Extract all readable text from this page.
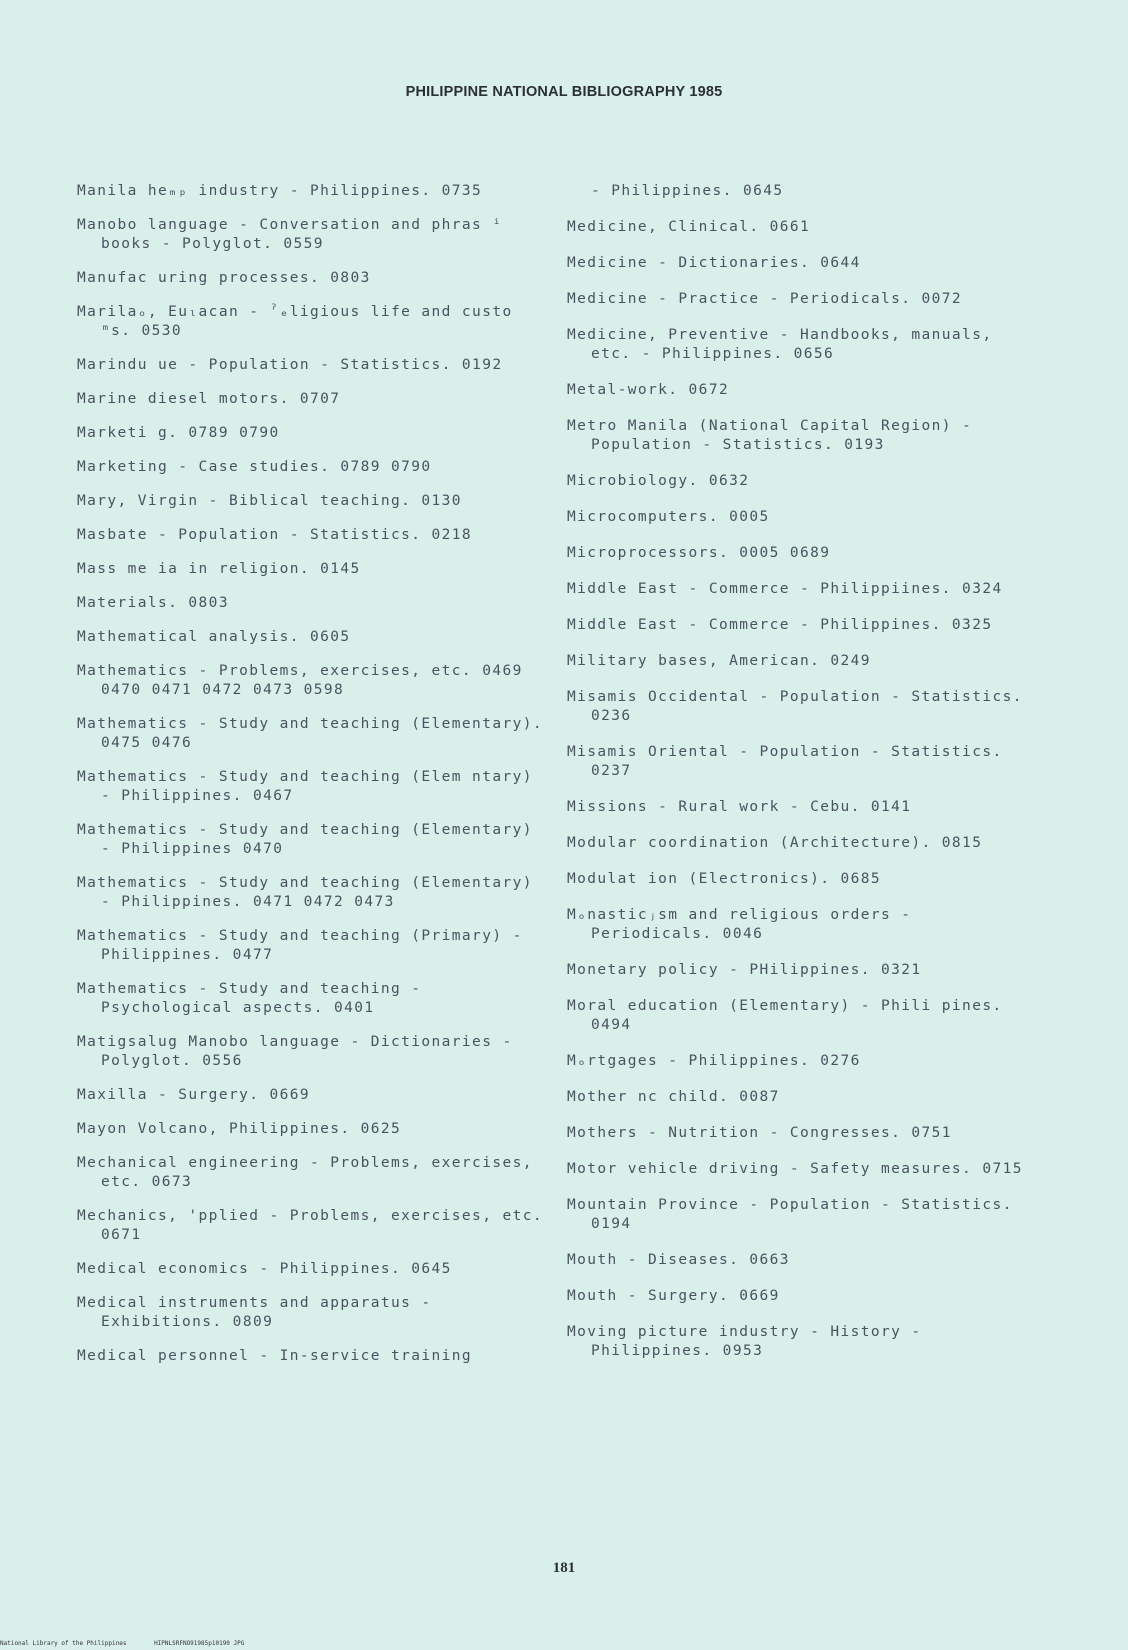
PHILIPPINE NATIONAL BIBLIOGRAPHY 1985
Manila heₘₚ industry - Philippines. 0735
Manobo language - Conversation and phras ⁱ books - Polyglot. 0559
Manufac uring processes. 0803
Marilaₒ, Euₗacan - ˀₑligious life and custo ᵐs. 0530
Marindu ue - Population - Statistics. 0192
Marine diesel motors. 0707
Marketi g. 0789 0790
Marketing - Case studies. 0789 0790
Mary, Virgin - Biblical teaching. 0130
Masbate - Population - Statistics. 0218
Mass me ia in religion. 0145
Materials. 0803
Mathematical analysis. 0605
Mathematics - Problems, exercises, etc. 0469 0470 0471 0472 0473 0598
Mathematics - Study and teaching (Elementary). 0475 0476
Mathematics - Study and teaching (Elem ntary) - Philippines. 0467
Mathematics - Study and teaching (Elementary) - Philippines 0470
Mathematics - Study and teaching (Elementary) - Philippines. 0471 0472 0473
Mathematics - Study and teaching (Primary) - Philippines. 0477
Mathematics - Study and teaching - Psychological aspects. 0401
Matigsalug Manobo language - Dictionaries - Polyglot. 0556
Maxilla - Surgery. 0669
Mayon Volcano, Philippines. 0625
Mechanical engineering - Problems, exercises, etc. 0673
Mechanics, 'pplied - Problems, exercises, etc. 0671
Medical economics - Philippines. 0645
Medical instruments and apparatus - Exhibitions. 0809
Medical personnel - In-service training
- Philippines. 0645
Medicine, Clinical. 0661
Medicine - Dictionaries. 0644
Medicine - Practice - Periodicals. 0072
Medicine, Preventive - Handbooks, manuals, etc. - Philippines. 0656
Metal-work. 0672
Metro Manila (National Capital Region) - Population - Statistics. 0193
Microbiology. 0632
Microcomputers. 0005
Microprocessors. 0005 0689
Middle East - Commerce - Philippiines. 0324
Middle East - Commerce - Philippines. 0325
Military bases, American. 0249
Misamis Occidental - Population - Statistics. 0236
Misamis Oriental - Population - Statistics. 0237
Missions - Rural work - Cebu. 0141
Modular coordination (Architecture). 0815
Modulat ion (Electronics). 0685
Mₒnasticⱼsm and religious orders - Periodicals. 0046
Monetary policy - PHilippines. 0321
Moral education (Elementary) - Phili pines. 0494
Mₒrtgages - Philippines. 0276
Mother nc child. 0087
Mothers - Nutrition - Congresses. 0751
Motor vehicle driving - Safety measures. 0715
Mountain Province - Population - Statistics. 0194
Mouth - Diseases. 0663
Mouth - Surgery. 0669
Moving picture industry - History - Philippines. 0953
181
National Library of the Philippines	HIPNLSRFNO91985p10190 JPG
